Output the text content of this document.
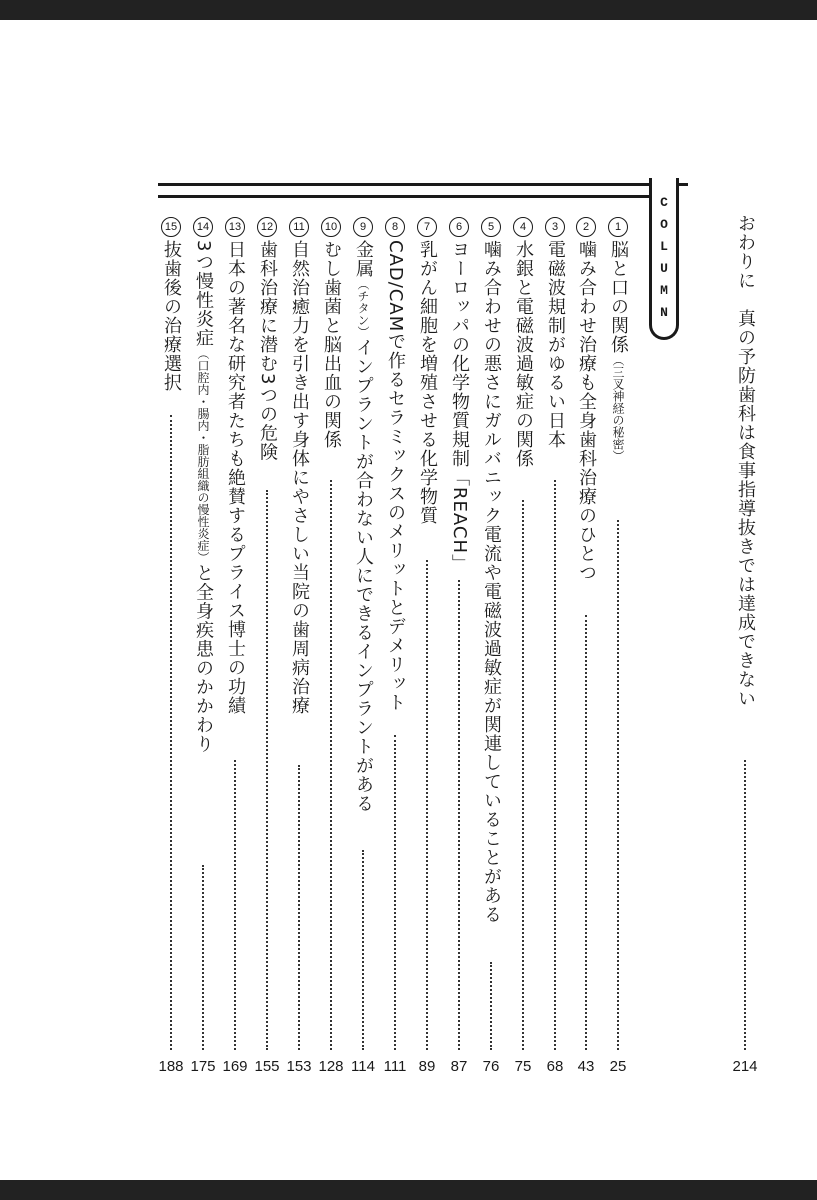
おわりに　真の予防歯科は食事指導抜きでは達成できない
214
C
O
L
U
M
N
1
脳と口の関係（三叉神経の秘密）
25
2
噛み合わせ治療も全身歯科治療のひとつ
43
3
電磁波規制がゆるい日本
68
4
水銀と電磁波過敏症の関係
75
5
噛み合わせの悪さにガルバニック電流や電磁波過敏症が関連していることがある
76
6
ヨーロッパの化学物質規制「REACH」
87
7
乳がん細胞を増殖させる化学物質
89
8
CAD/CAMで作るセラミックスのメリットとデメリット
111
9
金属（チタン）インプラントが合わない人にできるインプラントがある
114
10
むし歯菌と脳出血の関係
128
11
自然治癒力を引き出す身体にやさしい当院の歯周病治療
153
12
歯科治療に潜む3つの危険
155
13
日本の著名な研究者たちも絶賛するプライス博士の功績
169
14
3つ慢性炎症（口腔内・腸内・脂肪組織の慢性炎症）と全身疾患のかかわり
175
15
抜歯後の治療選択
188
